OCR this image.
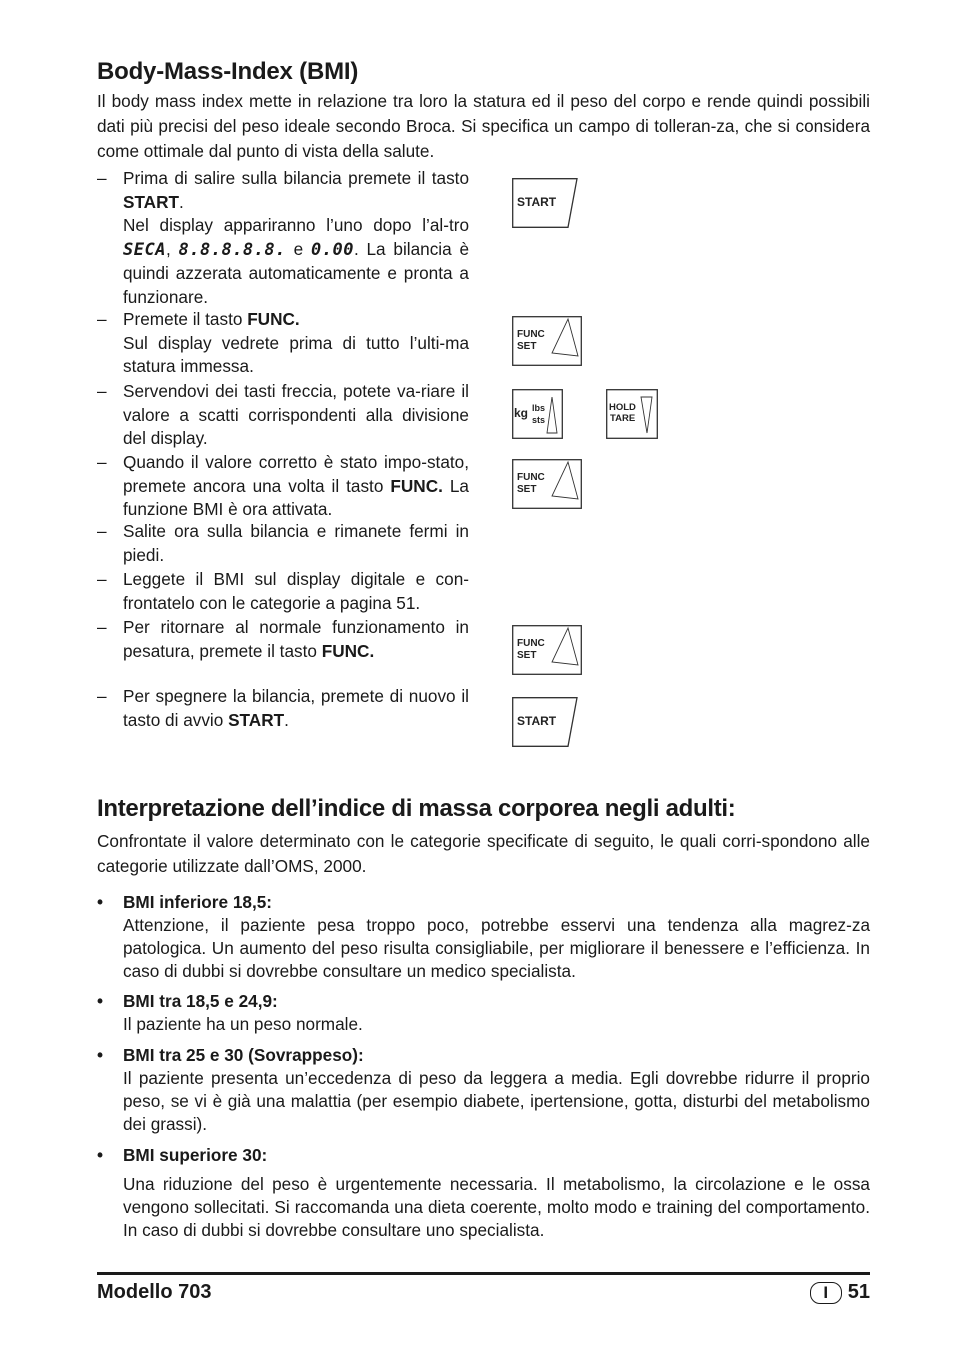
Body-Mass-Index (BMI)

Il body mass index mette in relazione tra loro la statura ed il peso del corpo e rende quindi possibili dati più precisi del peso ideale secondo Broca. Si specifica un campo di tolleran-za, che si considera come ottimale dal punto di vista della salute.

– Prima di salire sulla bilancia premete il tasto START.
Nel display appariranno l’uno dopo l’al-tro SECA, 8.8.8.8.8. e 0.00. La bilancia è quindi azzerata automaticamente e pronta a funzionare.
– Premete il tasto FUNC.
Sul display vedrete prima di tutto l’ulti-ma statura immessa.
– Servendovi dei tasti freccia, potete va-riare il valore a scatti corrispondenti alla divisione del display.
– Quando il valore corretto è stato impo-stato, premete ancora una volta il tasto FUNC. La funzione BMI è ora attivata.
– Salite ora sulla bilancia e rimanete fermi in piedi.
– Leggete il BMI sul display digitale e con-frontatelo con le categorie a pagina 51.
– Per ritornare al normale funzionamento in pesatura, premete il tasto FUNC.
– Per spegnere la bilancia, premete di nuovo il tasto di avvio START.
START
FUNC
SET
kg lbs
sts
HOLD
TARE
FUNC
SET
FUNC
SET
START
Interpretazione dell’indice di massa corporea negli adulti:

Confrontate il valore determinato con le categorie specificate di seguito, le quali corri-spondono alle categorie utilizzate dall’OMS, 2000.

• BMI inferiore 18,5:
Attenzione, il paziente pesa troppo poco, potrebbe esservi una tendenza alla magrez-za patologica. Un aumento del peso risulta consigliabile, per migliorare il benessere e l’efficienza. In caso di dubbi si dovrebbe consultare un medico specialista.
• BMI tra 18,5 e 24,9:
Il paziente ha un peso normale.
• BMI tra 25 e 30 (Sovrappeso):
Il paziente presenta un’eccedenza di peso da leggera a media. Egli dovrebbe ridurre il proprio peso, se vi è già una malattia (per esempio diabete, ipertensione, gotta, disturbi del metabolismo dei grassi).
• BMI superiore 30:
Una riduzione del peso è urgentemente necessaria. Il metabolismo, la circolazione e le ossa vengono sollecitati. Si raccomanda una dieta coerente, molto modo e training del comportamento. In caso di dubbi si dovrebbe consultare uno specialista.
Modello 703	I 51
